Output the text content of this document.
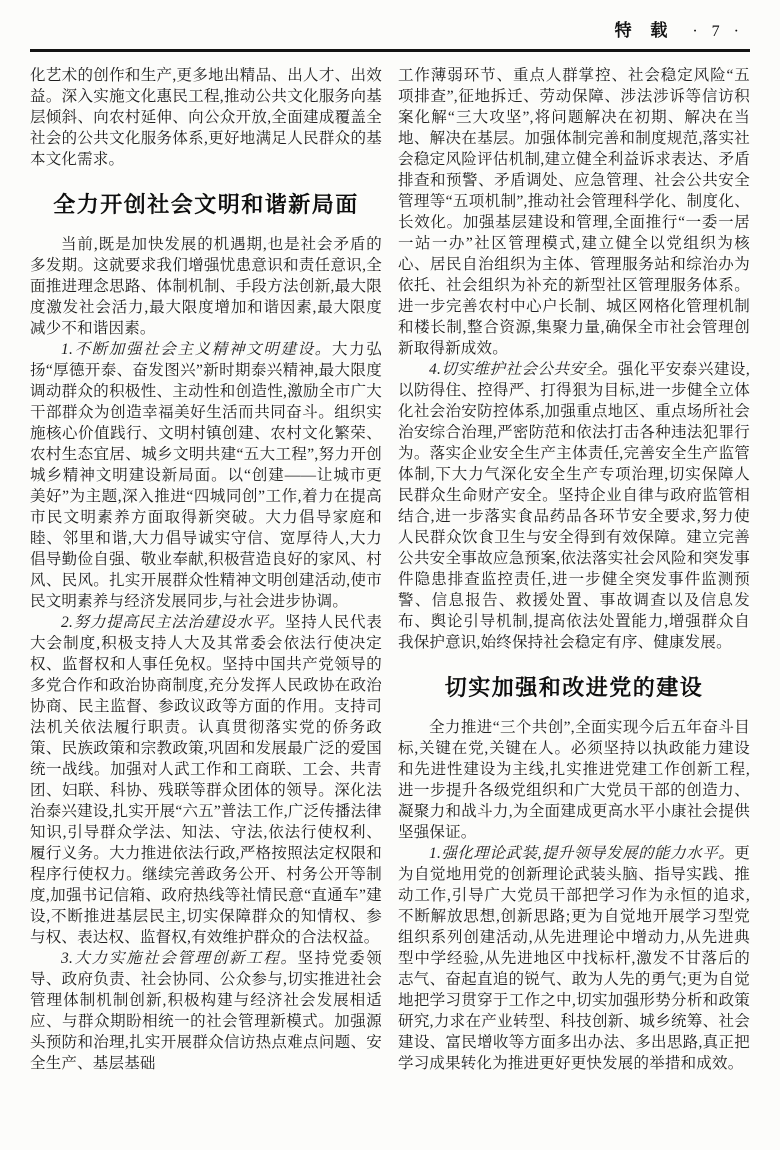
特 载 · 7 ·

化艺术的创作和生产,更多地出精品、出人才、出效益。深入实施文化惠民工程,推动公共文化服务向基层倾斜、向农村延伸、向公众开放,全面建成覆盖全社会的公共文化服务体系,更好地满足人民群众的基本文化需求。

全力开创社会文明和谐新局面

当前,既是加快发展的机遇期,也是社会矛盾的多发期。这就要求我们增强忧患意识和责任意识,全面推进理念思路、体制机制、手段方法创新,最大限度激发社会活力,最大限度增加和谐因素,最大限度减少不和谐因素。

1.不断加强社会主义精神文明建设。大力弘扬“厚德开泰、奋发图兴”新时期泰兴精神,最大限度调动群众的积极性、主动性和创造性,激励全市广大干部群众为创造幸福美好生活而共同奋斗。组织实施核心价值践行、文明村镇创建、农村文化繁荣、农村生态宜居、城乡文明共建“五大工程”,努力开创城乡精神文明建设新局面。以“创建——让城市更美好”为主题,深入推进“四城同创”工作,着力在提高市民文明素养方面取得新突破。大力倡导家庭和睦、邻里和谐,大力倡导诚实守信、宽厚待人,大力倡导勤俭自强、敬业奉献,积极营造良好的家风、村风、民风。扎实开展群众性精神文明创建活动,使市民文明素养与经济发展同步,与社会进步协调。

2.努力提高民主法治建设水平。坚持人民代表大会制度,积极支持人大及其常委会依法行使决定权、监督权和人事任免权。坚持中国共产党领导的多党合作和政治协商制度,充分发挥人民政协在政治协商、民主监督、参政议政等方面的作用。支持司法机关依法履行职责。认真贯彻落实党的侨务政策、民族政策和宗教政策,巩固和发展最广泛的爱国统一战线。加强对人武工作和工商联、工会、共青团、妇联、科协、残联等群众团体的领导。深化法治泰兴建设,扎实开展“六五”普法工作,广泛传播法律知识,引导群众学法、知法、守法,依法行使权利、履行义务。大力推进依法行政,严格按照法定权限和程序行使权力。继续完善政务公开、村务公开等制度,加强书记信箱、政府热线等社情民意“直通车”建设,不断推进基层民主,切实保障群众的知情权、参与权、表达权、监督权,有效维护群众的合法权益。

3.大力实施社会管理创新工程。坚持党委领导、政府负责、社会协同、公众参与,切实推进社会管理体制机制创新,积极构建与经济社会发展相适应、与群众期盼相统一的社会管理新模式。加强源头预防和治理,扎实开展群众信访热点难点问题、安全生产、基层基础

工作薄弱环节、重点人群掌控、社会稳定风险“五项排查”,征地拆迁、劳动保障、涉法涉诉等信访积案化解“三大攻坚”,将问题解决在初期、解决在当地、解决在基层。加强体制完善和制度规范,落实社会稳定风险评估机制,建立健全利益诉求表达、矛盾排查和预警、矛盾调处、应急管理、社会公共安全管理等“五项机制”,推动社会管理科学化、制度化、长效化。加强基层建设和管理,全面推行“一委一居一站一办”社区管理模式,建立健全以党组织为核心、居民自治组织为主体、管理服务站和综治办为依托、社会组织为补充的新型社区管理服务体系。进一步完善农村中心户长制、城区网格化管理机制和楼长制,整合资源,集聚力量,确保全市社会管理创新取得新成效。

4.切实维护社会公共安全。强化平安泰兴建设,以防得住、控得严、打得狠为目标,进一步健全立体化社会治安防控体系,加强重点地区、重点场所社会治安综合治理,严密防范和依法打击各种违法犯罪行为。落实企业安全生产主体责任,完善安全生产监管体制,下大力气深化安全生产专项治理,切实保障人民群众生命财产安全。坚持企业自律与政府监管相结合,进一步落实食品药品各环节安全要求,努力使人民群众饮食卫生与安全得到有效保障。建立完善公共安全事故应急预案,依法落实社会风险和突发事件隐患排查监控责任,进一步健全突发事件监测预警、信息报告、救援处置、事故调查以及信息发布、舆论引导机制,提高依法处置能力,增强群众自我保护意识,始终保持社会稳定有序、健康发展。

切实加强和改进党的建设

全力推进“三个共创”,全面实现今后五年奋斗目标,关键在党,关键在人。必须坚持以执政能力建设和先进性建设为主线,扎实推进党建工作创新工程,进一步提升各级党组织和广大党员干部的创造力、凝聚力和战斗力,为全面建成更高水平小康社会提供坚强保证。

1.强化理论武装,提升领导发展的能力水平。更为自觉地用党的创新理论武装头脑、指导实践、推动工作,引导广大党员干部把学习作为永恒的追求,不断解放思想,创新思路;更为自觉地开展学习型党组织系列创建活动,从先进理论中增动力,从先进典型中学经验,从先进地区中找标杆,激发不甘落后的志气、奋起直追的锐气、敢为人先的勇气;更为自觉地把学习贯穿于工作之中,切实加强形势分析和政策研究,力求在产业转型、科技创新、城乡统筹、社会建设、富民增收等方面多出办法、多出思路,真正把学习成果转化为推进更好更快发展的举措和成效。
